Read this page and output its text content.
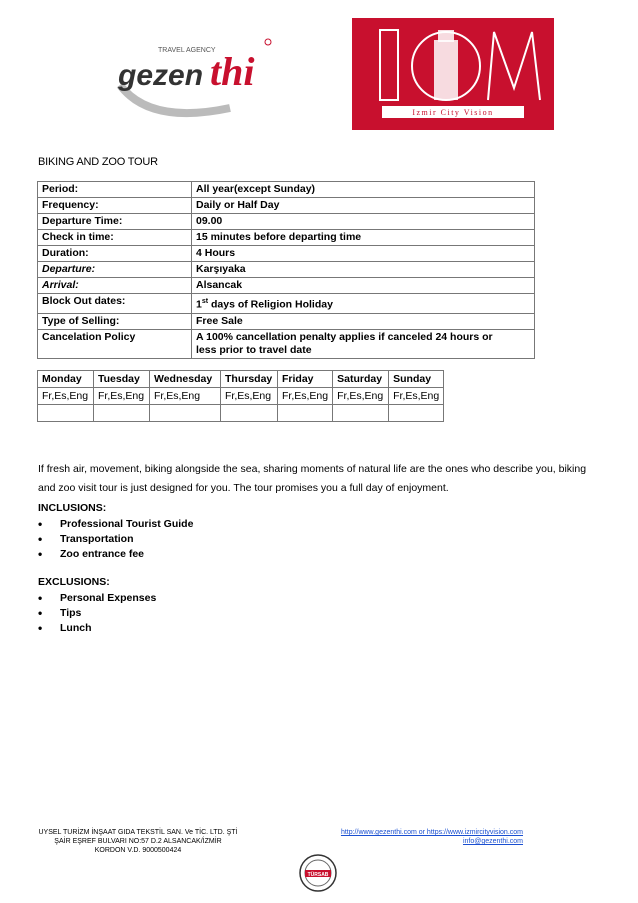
TRAVEL AGENCY
gezen thi
Izmir City Vision
BIKING AND ZOO TOUR
Period:	All year(except Sunday)
Frequency:	Daily or Half Day
Departure Time:	09.00
Check in time:	15 minutes before departing time
Duration:	4 Hours
Departure:	Karşıyaka
Arrival:	Alsancak
Block Out dates:	1st days of Religion Holiday
Type of Selling:	Free Sale
Cancelation Policy	A 100% cancellation penalty applies if canceled 24 hours or less prior to travel date
Monday	Tuesday	Wednesday	Thursday	Friday	Saturday	Sunday
Fr,Es,Eng	Fr,Es,Eng	Fr,Es,Eng	Fr,Es,Eng	Fr,Es,Eng	Fr,Es,Eng	Fr,Es,Eng

If fresh air, movement, biking alongside the sea, sharing moments of natural life are the ones who describe you, biking and zoo visit tour is just designed for you. The tour promises you a full day of enjoyment.
INCLUSIONS:
• Professional Tourist Guide
• Transportation
• Zoo entrance fee
EXCLUSIONS:
• Personal Expenses
• Tips
• Lunch
UYSEL TURİZM İNŞAAT GIDA TEKSTİL SAN. Ve TİC. LTD. ŞTİ
ŞAİR EŞREF BULVARI NO:57 D.2 ALSANCAK/İZMİR
KORDON V.D. 9000500424
http://www.gezenthi.com or https://www.izmircityvision.com
info@gezenthi.com
TÜRSAB
